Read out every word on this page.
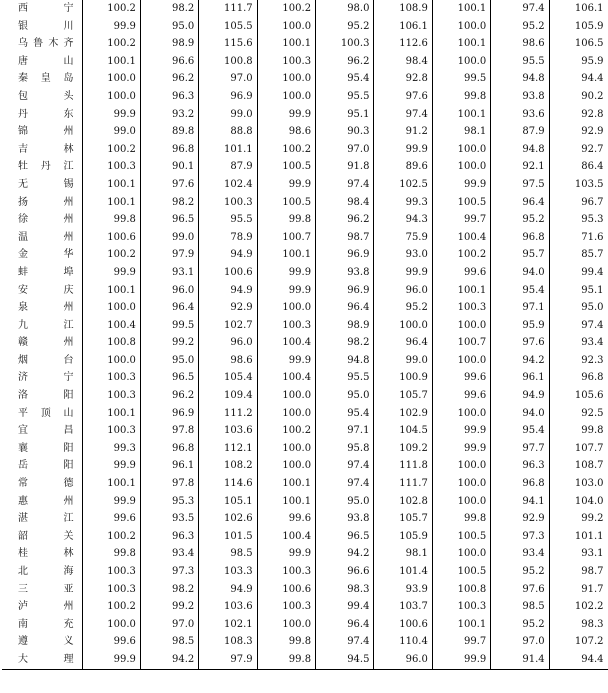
西　　宁	100.2	98.2	111.7	100.2	98.0	108.9	100.1	97.4	106.1
银　　川	99.9	95.0	105.5	100.0	95.2	106.1	100.0	95.2	105.9
乌鲁木齐	100.2	98.9	115.6	100.1	100.3	112.6	100.1	98.6	106.5
唐　　山	100.1	96.6	100.8	100.3	96.2	98.4	100.0	95.5	95.9
秦皇岛	100.0	96.2	97.0	100.0	95.4	92.8	99.5	94.8	94.4
包　　头	100.0	96.3	96.9	100.0	95.5	97.6	99.8	93.8	90.2
丹　　东	99.9	93.2	99.0	99.9	95.1	97.4	100.1	93.6	92.8
锦　　州	99.0	89.8	88.8	98.6	90.3	91.2	98.1	87.9	92.9
吉　　林	100.2	96.8	101.1	100.2	97.0	99.9	100.0	94.8	92.7
牡丹江	100.3	90.1	87.9	100.5	91.8	89.6	100.0	92.1	86.4
无　　锡	100.1	97.6	102.4	99.9	97.4	102.5	99.9	97.5	103.5
扬　　州	100.1	98.2	100.3	100.5	98.4	99.3	100.5	96.4	96.7
徐　　州	99.8	96.5	95.5	99.8	96.2	94.3	99.7	95.2	95.3
温　　州	100.6	99.0	78.9	100.7	98.7	75.9	100.4	96.8	71.6
金　　华	100.2	97.9	94.9	100.1	96.9	93.0	100.2	95.7	85.7
蚌　　埠	99.9	93.1	100.6	99.9	93.8	99.9	99.6	94.0	99.4
安　　庆	100.1	96.0	94.9	99.9	96.9	96.0	100.1	95.4	95.1
泉　　州	100.0	96.4	92.9	100.0	96.4	95.2	100.3	97.1	95.0
九　　江	100.4	99.5	102.7	100.3	98.9	100.0	100.0	95.9	97.4
赣　　州	100.8	99.2	96.0	100.4	98.2	96.4	100.7	97.6	93.4
烟　　台	100.0	95.0	98.6	99.9	94.8	99.0	100.0	94.2	92.3
济　　宁	100.3	96.5	105.4	100.4	95.5	100.9	99.6	96.1	96.8
洛　　阳	100.3	96.2	109.4	100.0	95.0	105.7	99.6	94.9	105.6
平顶山	100.1	96.9	111.2	100.0	95.4	102.9	100.0	94.0	92.5
宜　　昌	100.3	97.8	103.6	100.2	97.1	104.5	99.9	95.4	99.8
襄　　阳	99.3	96.8	112.1	100.0	95.8	109.2	99.9	97.7	107.7
岳　　阳	99.9	96.1	108.2	100.0	97.4	111.8	100.0	96.3	108.7
常　　德	100.1	97.8	114.6	100.1	97.4	111.7	100.0	96.8	103.0
惠　　州	99.9	95.3	105.1	100.1	95.0	102.8	100.0	94.1	104.0
湛　　江	99.6	93.5	102.6	99.6	93.8	105.7	99.8	92.9	99.2
韶　　关	100.2	96.3	101.5	100.4	96.5	105.9	100.5	97.3	101.1
桂　　林	99.8	93.4	98.5	99.9	94.2	98.1	100.0	93.4	93.1
北　　海	100.3	97.3	103.3	100.3	96.6	101.4	100.5	95.2	98.7
三　　亚	100.3	98.2	94.9	100.6	98.3	93.9	100.8	97.6	91.7
泸　　州	100.2	99.2	103.6	100.3	99.4	103.7	100.3	98.5	102.2
南　　充	100.0	97.0	102.1	100.0	96.4	100.6	100.1	95.2	98.3
遵　　义	99.6	98.5	108.3	99.8	97.4	110.4	99.7	97.0	107.2
大　　理	99.9	94.2	97.9	99.8	94.5	96.0	99.9	91.4	94.4
